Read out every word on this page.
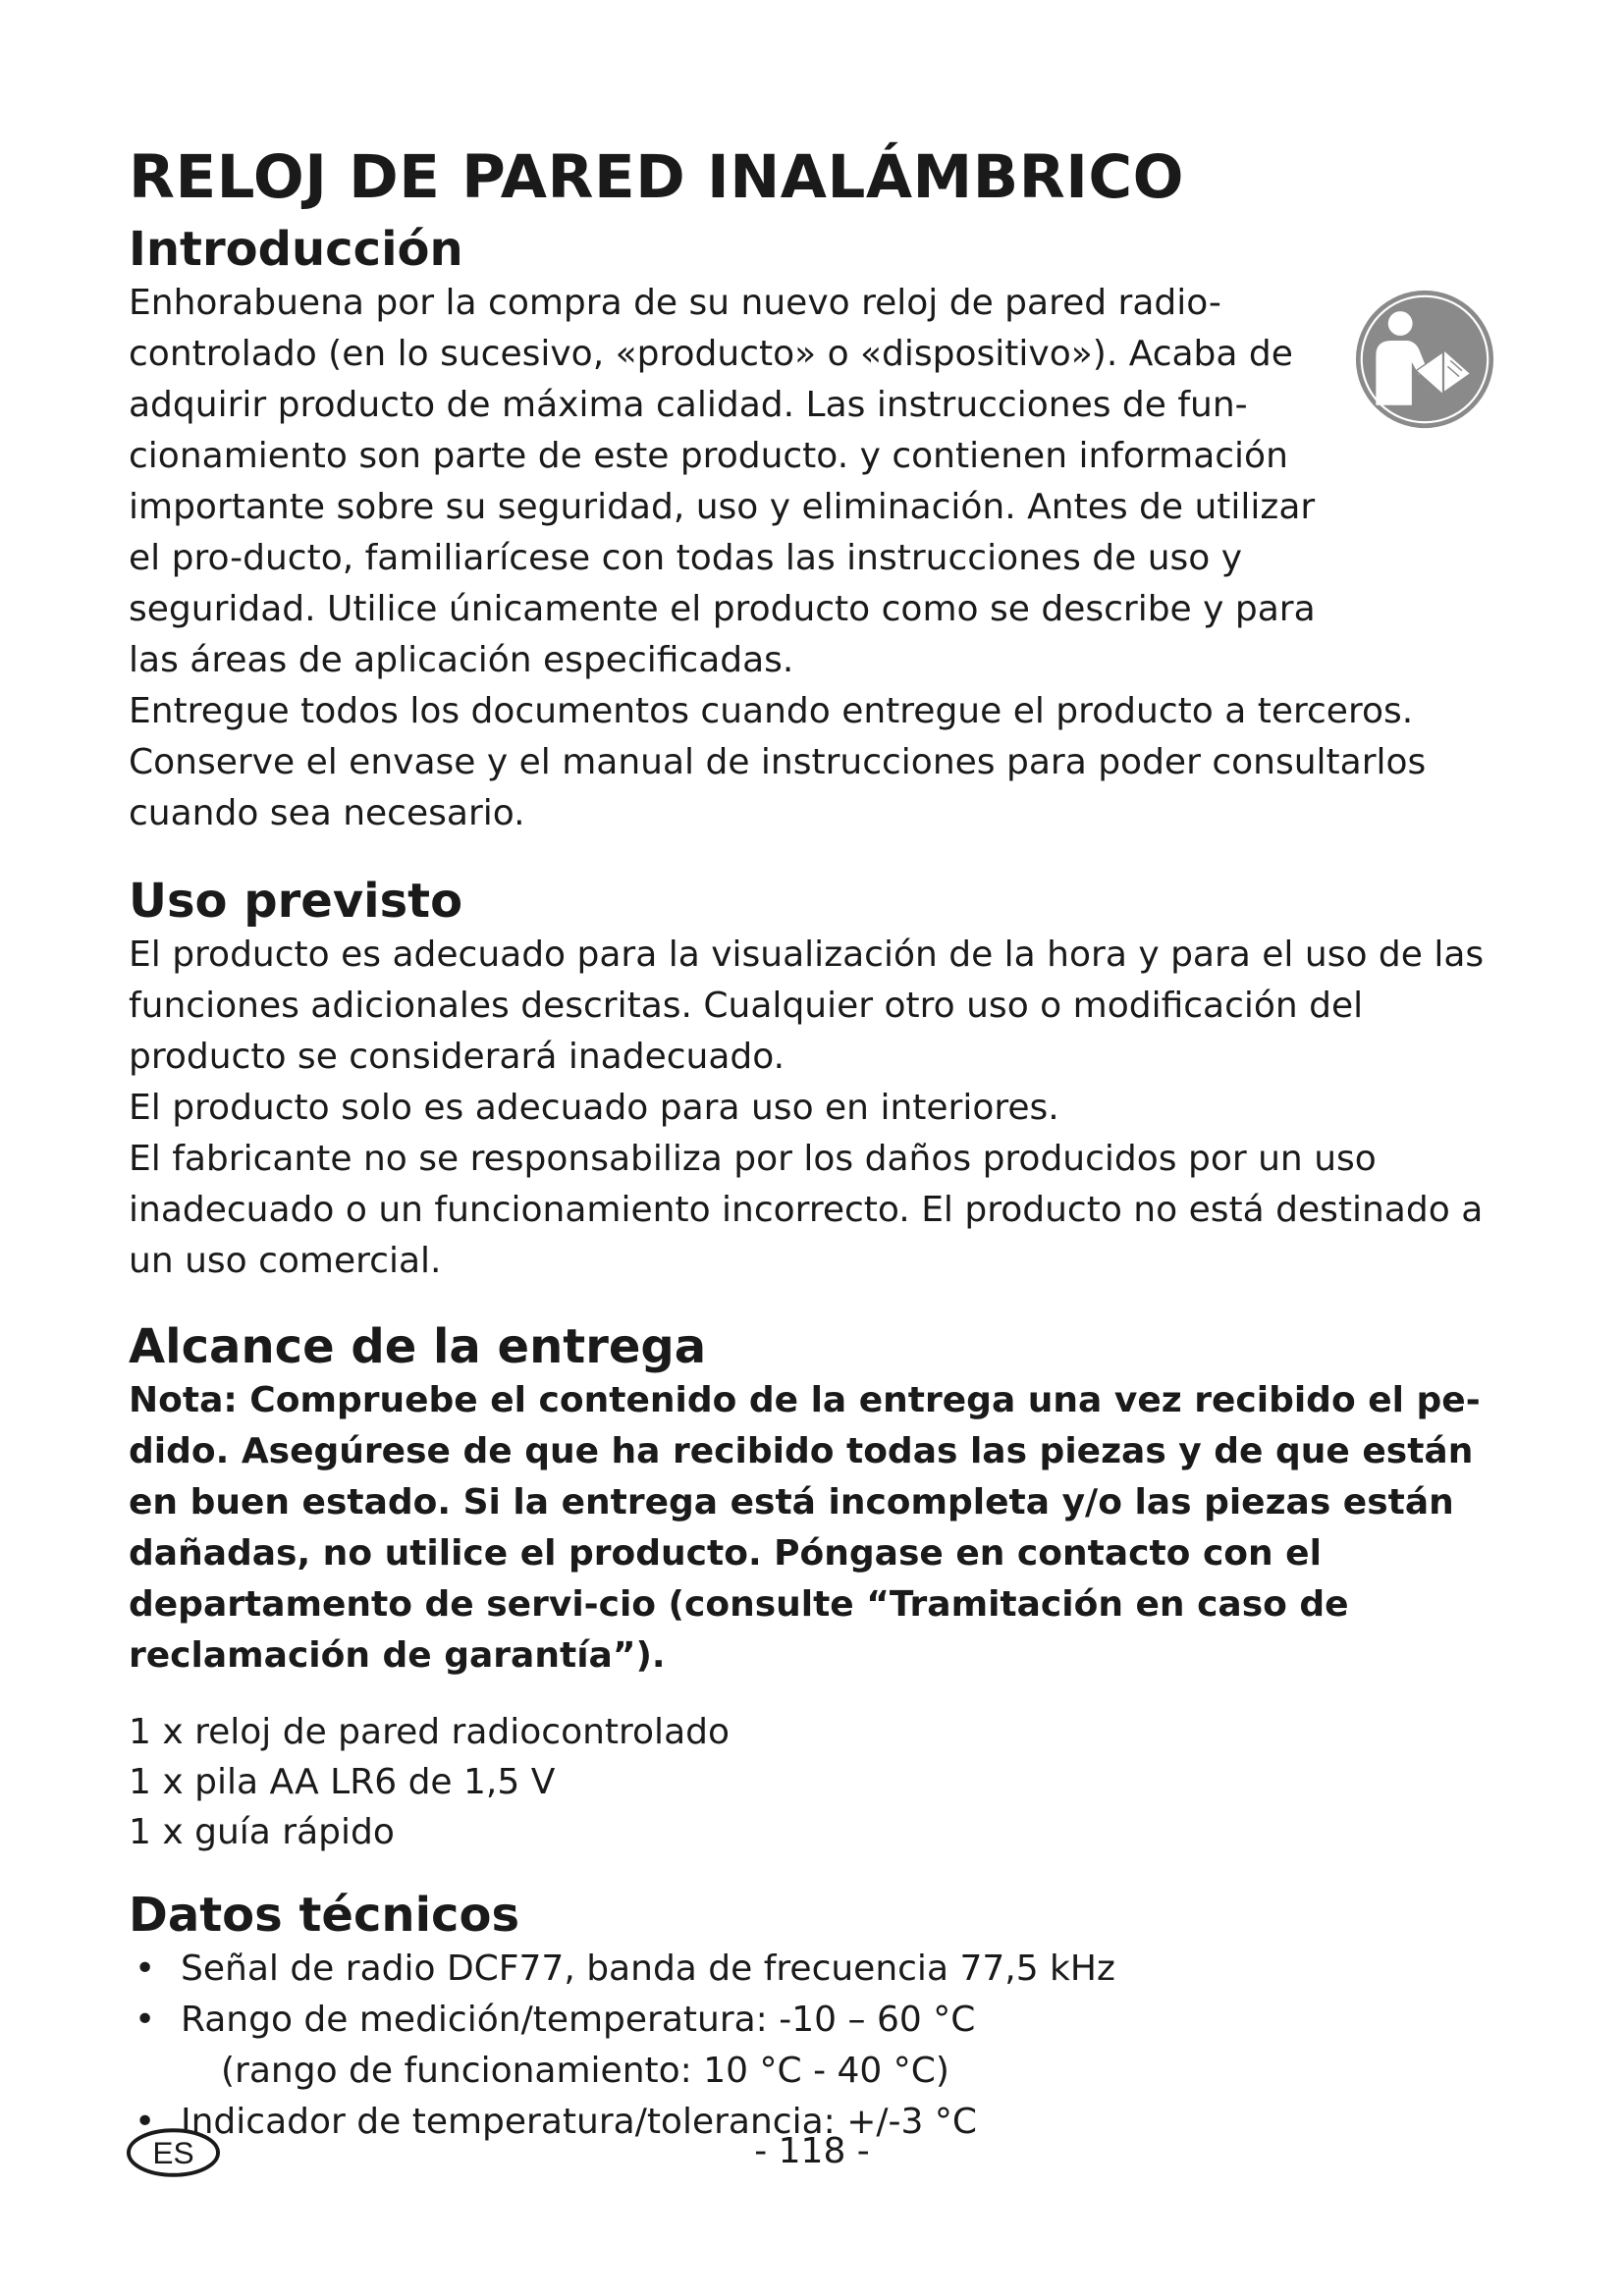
RELOJ DE PARED INALÁMBRICO
Introducción

Enhorabuena por la compra de su nuevo reloj de pared radio-controlado (en lo sucesivo, «producto» o «dispositivo»). Acaba de adquirir producto de máxima calidad. Las instrucciones de fun-cionamiento son parte de este producto. y contienen información importante sobre su seguridad, uso y eliminación. Antes de utilizar el pro-ducto, familiarícese con todas las instrucciones de uso y seguridad. Utilice únicamente el producto como se describe y para las áreas de aplicación especificadas.

Entregue todos los documentos cuando entregue el producto a terceros. Conserve el envase y el manual de instrucciones para poder consultarlos cuando sea necesario.

Uso previsto

El producto es adecuado para la visualización de la hora y para el uso de las funciones adicionales descritas. Cualquier otro uso o modificación del producto se considerará inadecuado.

El producto solo es adecuado para uso en interiores.

El fabricante no se responsabiliza por los daños producidos por un uso inadecuado o un funcionamiento incorrecto. El producto no está destinado a un uso comercial.

Alcance de la entrega

Nota: Compruebe el contenido de la entrega una vez recibido el pe-dido. Asegúrese de que ha recibido todas las piezas y de que están en buen estado. Si la entrega está incompleta y/o las piezas están dañadas, no utilice el producto. Póngase en contacto con el departamento de servi-cio (consulte “Tramitación en caso de reclamación de garantía”).

1 x reloj de pared radiocontrolado

1 x pila AA LR6 de 1,5 V

1 x guía rápido

Datos técnicos
• Señal de radio DCF77, banda de frecuencia 77,5 kHz
• Rango de medición/temperatura: -10 – 60 °C
(rango de funcionamiento: 10 °C - 40 °C)
• Indicador de temperatura/tolerancia: +/-3 °C
ES	- 118 -
